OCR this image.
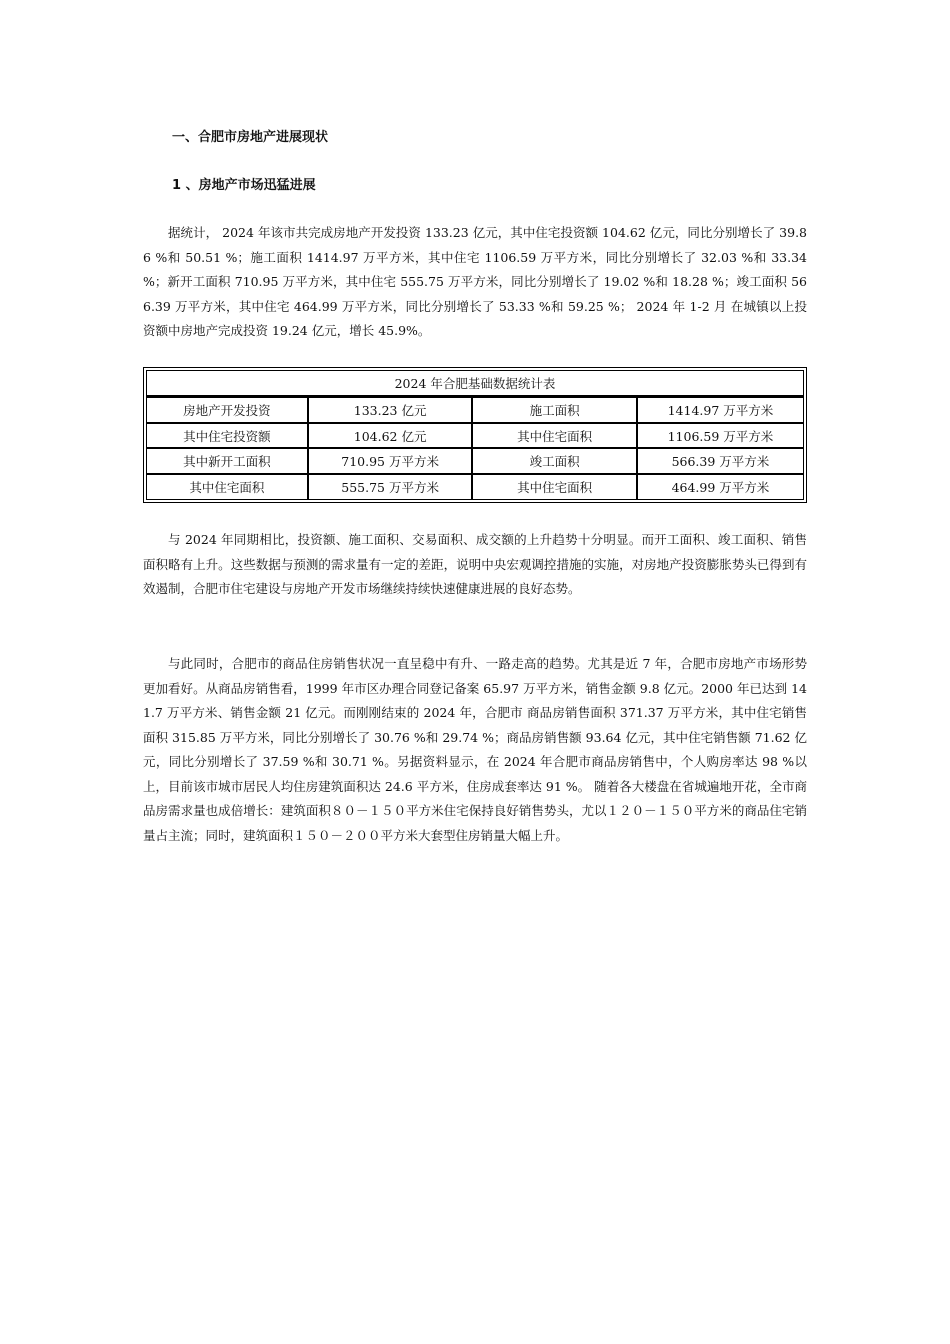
一、合肥市房地产进展现状
1 、房地产市场迅猛进展

据统计， 2024 年该市共完成房地产开发投资 133.23 亿元，其中住宅投资额 104.62 亿元，同比分别增长了 39.86 %和 50.51 %；施工面积 1414.97 万平方米，其中住宅 1106.59 万平方米，同比分别增长了 32.03 %和 33.34 %；新开工面积 710.95 万平方米，其中住宅 555.75 万平方米，同比分别增长了 19.02 %和 18.28 %；竣工面积 566.39 万平方米，其中住宅 464.99 万平方米，同比分别增长了 53.33 %和 59.25 %； 2024 年 1-2 月 在城镇以上投资额中房地产完成投资 19.24 亿元，增长 45.9%。

2024 年合肥基础数据统计表			
房地产开发投资	133.23 亿元	施工面积	1414.97 万平方米
其中住宅投资额	104.62 亿元	其中住宅面积	1106.59 万平方米
其中新开工面积	710.95 万平方米	竣工面积	566.39 万平方米
其中住宅面积	555.75 万平方米	其中住宅面积	464.99 万平方米

与 2024 年同期相比，投资额、施工面积、交易面积、成交额的上升趋势十分明显。而开工面积、竣工面积、销售面积略有上升。这些数据与预测的需求量有一定的差距，说明中央宏观调控措施的实施，对房地产投资膨胀势头已得到有效遏制，合肥市住宅建设与房地产开发市场继续持续快速健康进展的良好态势。

与此同时，合肥市的商品住房销售状况一直呈稳中有升、一路走高的趋势。尤其是近 7 年，合肥市房地产市场形势更加看好。从商品房销售看，1999 年市区办理合同登记备案 65.97 万平方米，销售金额 9.8 亿元。2000 年已达到 141.7 万平方米、销售金额 21 亿元。而刚刚结束的 2024 年，合肥市 商品房销售面积 371.37 万平方米，其中住宅销售面积 315.85 万平方米，同比分别增长了 30.76 %和 29.74 %；商品房销售额 93.64 亿元，其中住宅销售额 71.62 亿元，同比分别增长了 37.59 %和 30.71 %。另据资料显示，在 2024 年合肥市商品房销售中，个人购房率达 98 %以上，目前该市城市居民人均住房建筑面积达 24.6 平方米，住房成套率达 91 %。 随着各大楼盘在省城遍地开花，全市商品房需求量也成倍增长：建筑面积８０－１５０平方米住宅保持良好销售势头，尤以１２０－１５０平方米的商品住宅销量占主流；同时，建筑面积１５０－２００平方米大套型住房销量大幅上升。
